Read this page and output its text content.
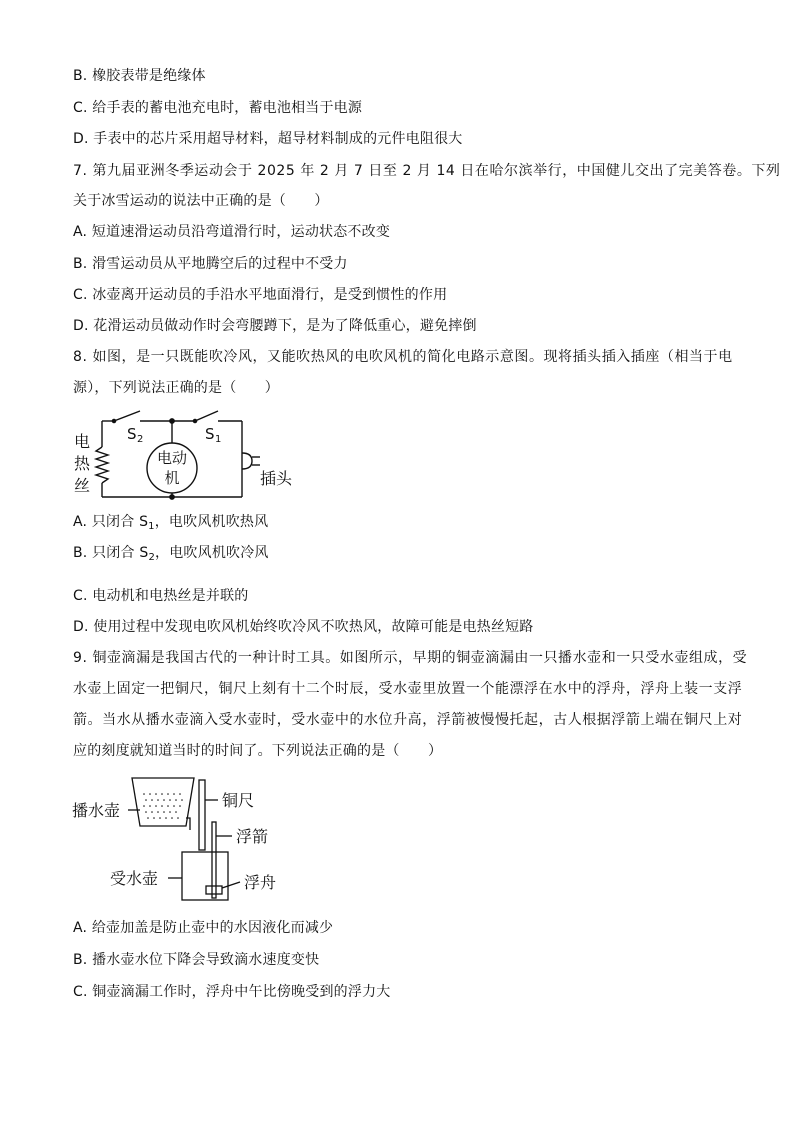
B. 橡胶表带是绝缘体
C. 给手表的蓄电池充电时，蓄电池相当于电源
D. 手表中的芯片采用超导材料，超导材料制成的元件电阻很大
7. 第九届亚洲冬季运动会于 2025 年 2 月 7 日至 2 月 14 日在哈尔滨举行，中国健儿交出了完美答卷。下列
关于冰雪运动的说法中正确的是（　　）
A. 短道速滑运动员沿弯道滑行时，运动状态不改变
B. 滑雪运动员从平地腾空后的过程中不受力
C. 冰壶离开运动员的手沿水平地面滑行，是受到惯性的作用
D. 花滑运动员做动作时会弯腰蹲下，是为了降低重心，避免摔倒
8. 如图，是一只既能吹冷风，又能吹热风的电吹风机的简化电路示意图。现将插头插入插座（相当于电
源），下列说法正确的是（　　）
S 2	S 1
电动
机
电
热
丝	插头
A. 只闭合 $S_1$，电吹风机吹热风
B. 只闭合 $S_2$，电吹风机吹冷风
C. 电动机和电热丝是并联的
D. 使用过程中发现电吹风机始终吹冷风不吹热风，故障可能是电热丝短路
9. 铜壶滴漏是我国古代的一种计时工具。如图所示，早期的铜壶滴漏由一只播水壶和一只受水壶组成，受
水壶上固定一把铜尺，铜尺上刻有十二个时辰，受水壶里放置一个能漂浮在水中的浮舟，浮舟上装一支浮
箭。当水从播水壶滴入受水壶时，受水壶中的水位升高，浮箭被慢慢托起，古人根据浮箭上端在铜尺上对
应的刻度就知道当时的时间了。下列说法正确的是（　　）
播水壶
铜尺
浮箭
受水壶	浮舟
A. 给壶加盖是防止壶中的水因液化而减少
B. 播水壶水位下降会导致滴水速度变快
C. 铜壶滴漏工作时，浮舟中午比傍晚受到的浮力大
